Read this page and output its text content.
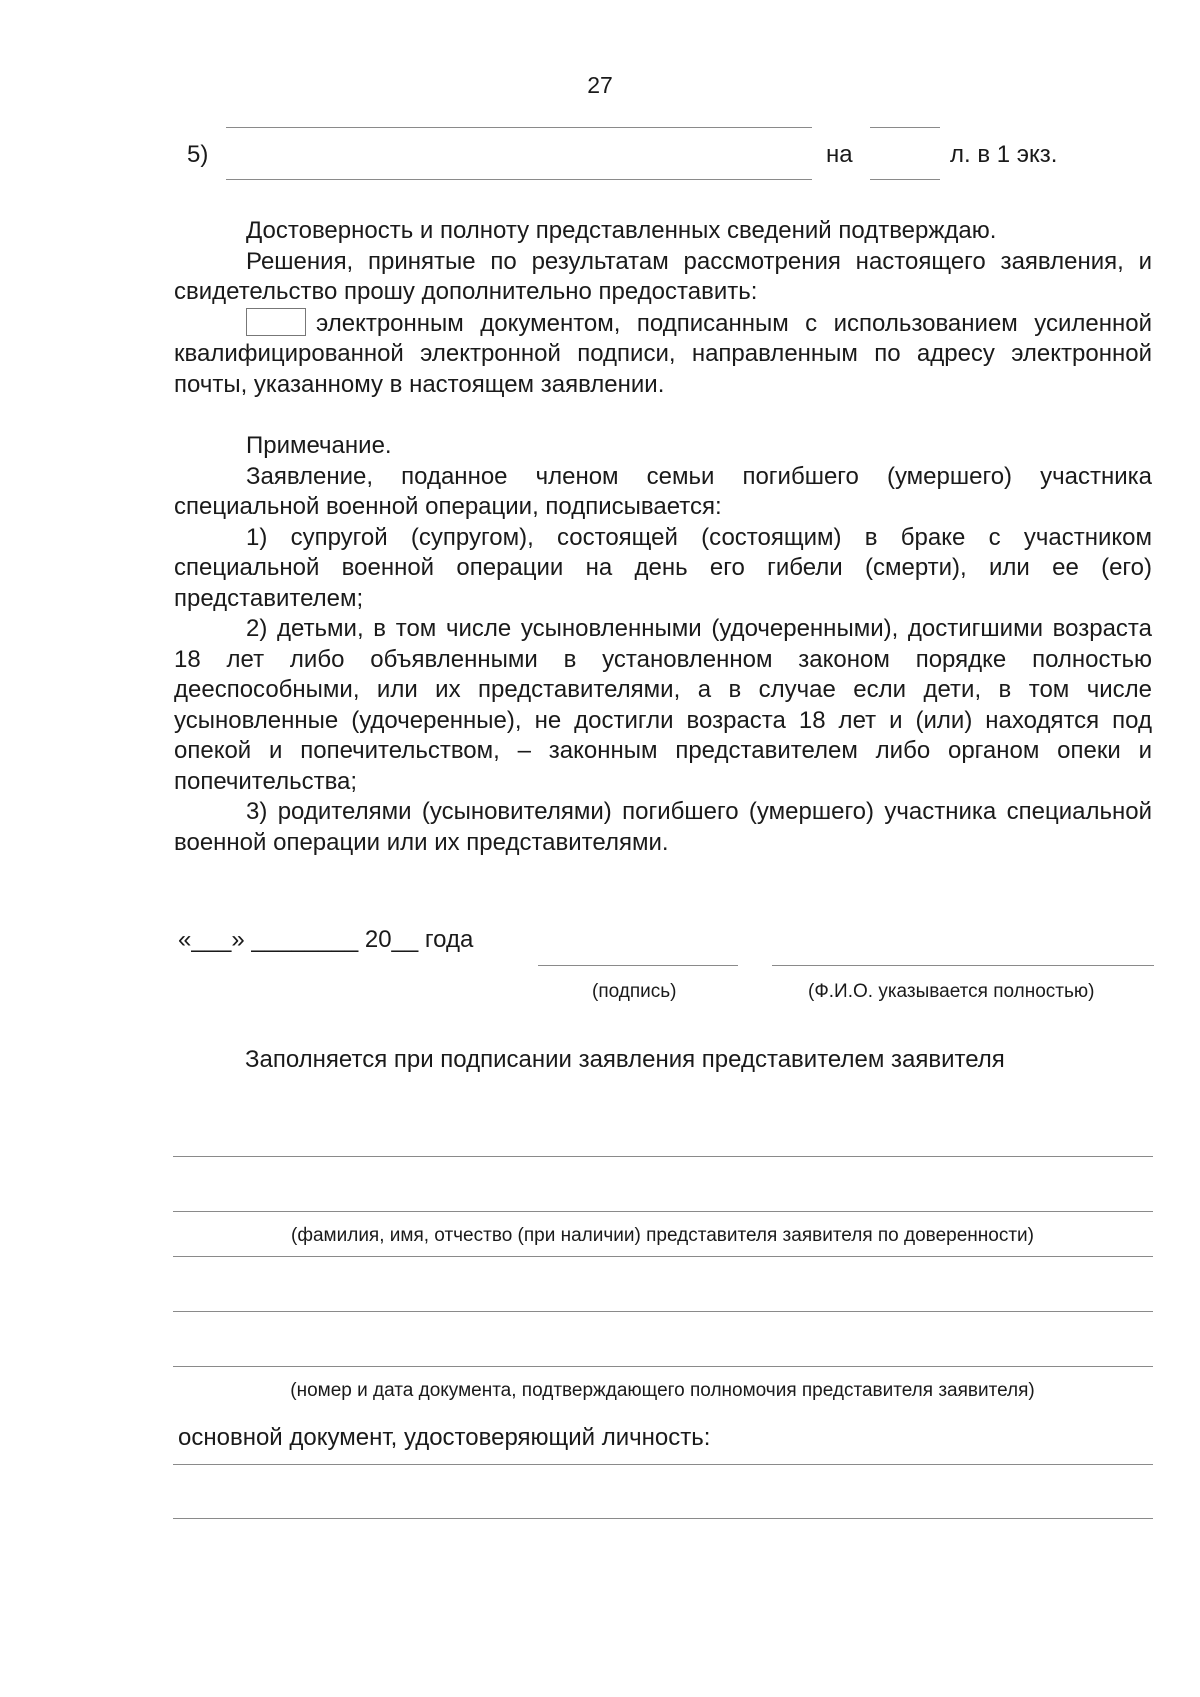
27
5)	на	л. в 1 экз.

Достоверность и полноту представленных сведений подтверждаю.

Решения, принятые по результатам рассмотрения настоящего заявления, и свидетельство прошу дополнительно предоставить:

электронным документом, подписанным с использованием усиленной квалифицированной электронной подписи, направленным по адресу электронной почты, указанному в настоящем заявлении.

Примечание.

Заявление, поданное членом семьи погибшего (умершего) участника специальной военной операции, подписывается:

1) супругой (супругом), состоящей (состоящим) в браке с участником специальной военной операции на день его гибели (смерти), или ее (его) представителем;

2) детьми, в том числе усыновленными (удочеренными), достигшими возраста 18 лет либо объявленными в установленном законом порядке полностью дееспособными, или их представителями, а в случае если дети, в том числе усыновленные (удочеренные), не достигли возраста 18 лет и (или) находятся под опекой и попечительством, – законным представителем либо органом опеки и попечительства;

3) родителями (усыновителями) погибшего (умершего) участника специальной военной операции или их представителями.

«___» ________ 20__ года
(подпись)	(Ф.И.О. указывается полностью)
Заполняется при подписании заявления представителем заявителя
(фамилия, имя, отчество (при наличии) представителя заявителя по доверенности)
(номер и дата документа, подтверждающего полномочия представителя заявителя)
основной документ, удостоверяющий личность:
